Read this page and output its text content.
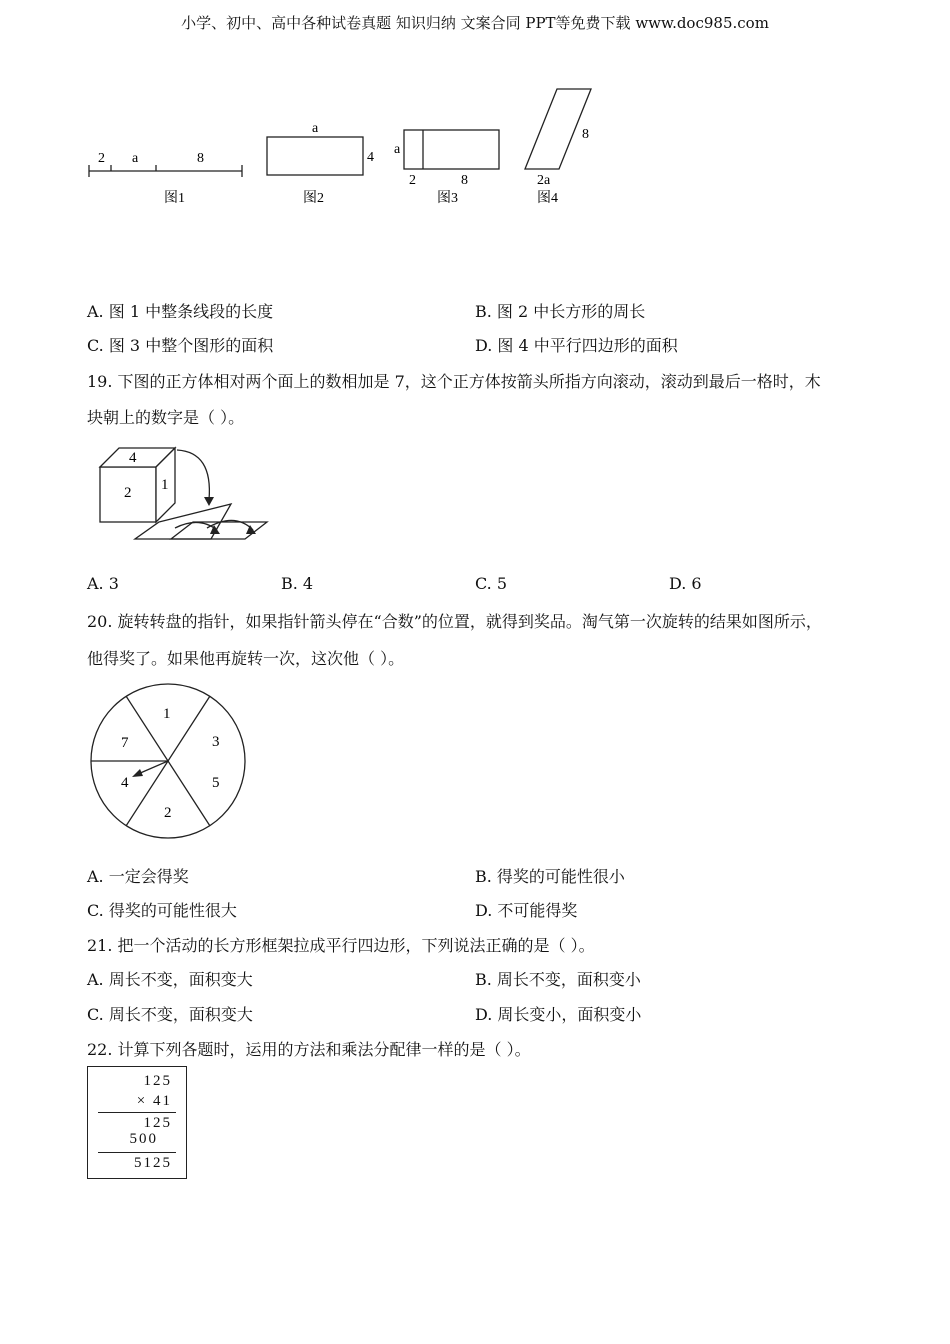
小学、初中、高中各种试卷真题 知识归纳 文案合同 PPT等免费下载 www.doc985.com
2 a	8
图1
a
4
图2
a
2	8
图3
8
2a
图4
A. 图 1 中整条线段的长度	B. 图 2 中长方形的周长
C. 图 3 中整个图形的面积	D. 图 4 中平行四边形的面积
19. 下图的正方体相对两个面上的数相加是 7，这个正方体按箭头所指方向滚动，滚动到最后一格时，木
块朝上的数字是（ ）。
4
2 1
A. 3	B. 4	C. 5	D. 6
20. 旋转转盘的指针，如果指针箭头停在“合数”的位置，就得到奖品。淘气第一次旋转的结果如图所示，
他得奖了。如果他再旋转一次，这次他（ ）。
1
3
5
2
4
7
A. 一定会得奖	B. 得奖的可能性很小
C. 得奖的可能性很大	D. 不可能得奖
21. 把一个活动的长方形框架拉成平行四边形，下列说法正确的是（ ）。
A. 周长不变，面积变大	B. 周长不变，面积变小
C. 周长不变，面积变大	D. 周长变小，面积变小
22. 计算下列各题时，运用的方法和乘法分配律一样的是（ ）。
125
× 41
125
500
5125
